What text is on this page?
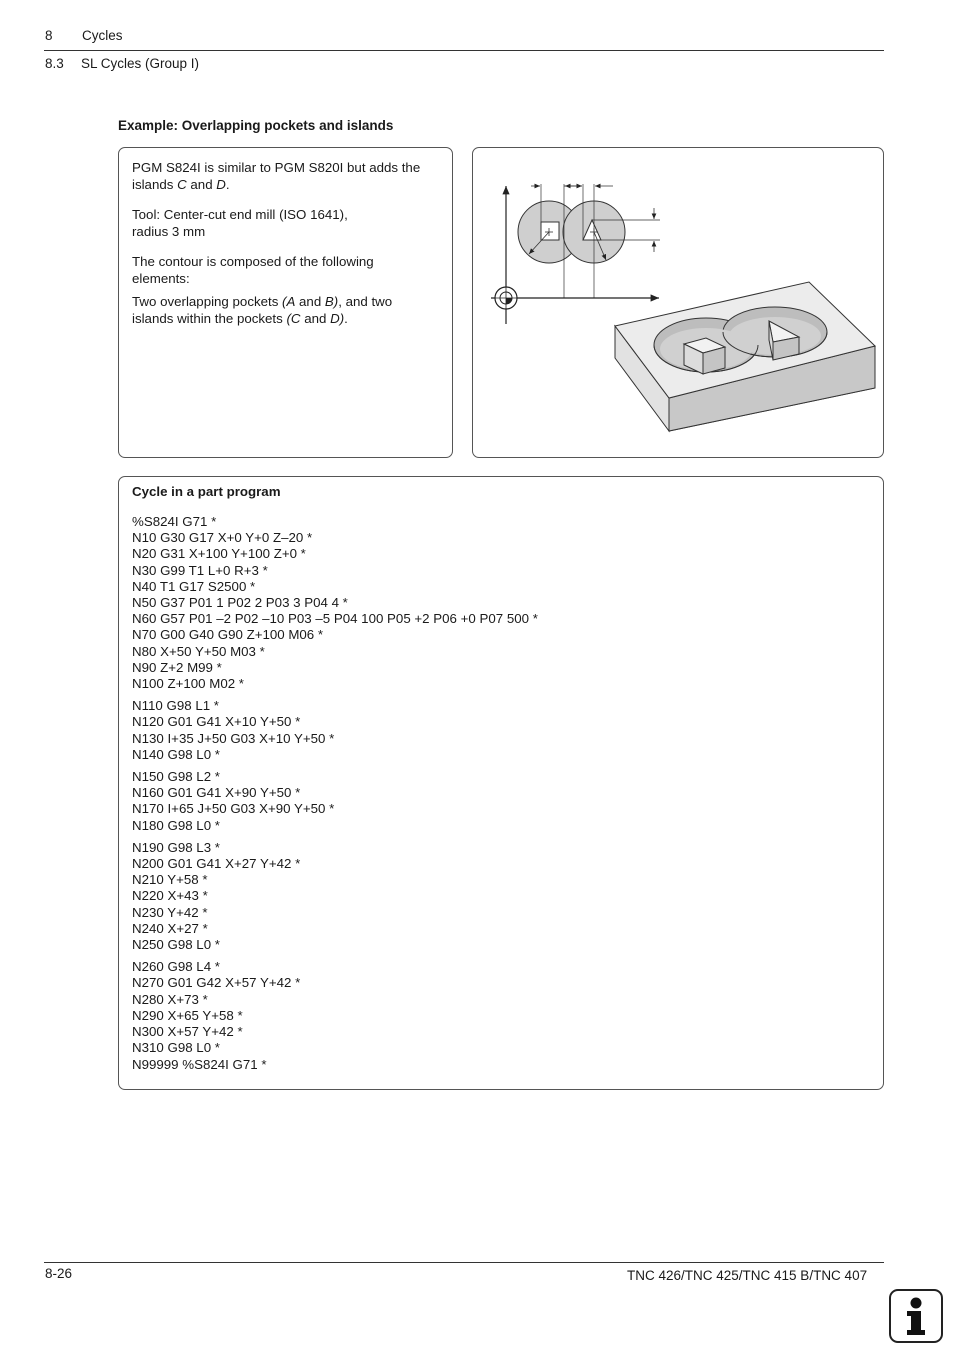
8 Cycles
8.3 SL Cycles (Group I)
Example: Overlapping pockets and islands

PGM S824I is similar to PGM S820I but adds the islands C and D.

Tool: Center-cut end mill (ISO 1641), radius 3 mm

The contour is composed of the following elements:

Two overlapping pockets (A and B), and two islands within the pockets (C and D).

Cycle in a part program
%S824I G71 *
N10 G30 G17 X+0 Y+0 Z–20 *
N20 G31 X+100 Y+100 Z+0 *
N30 G99 T1 L+0 R+3 *
N40 T1 G17 S2500 *
N50 G37 P01 1 P02 2 P03 3 P04 4 *
N60 G57 P01 –2 P02 –10 P03 –5 P04 100 P05 +2 P06 +0 P07 500 *
N70 G00 G40 G90 Z+100 M06 *
N80 X+50 Y+50 M03 *
N90 Z+2 M99 *
N100 Z+100 M02 *
N110 G98 L1 *
N120 G01 G41 X+10 Y+50 *
N130 I+35 J+50 G03 X+10 Y+50 *
N140 G98 L0 *
N150 G98 L2 *
N160 G01 G41 X+90 Y+50 *
N170 I+65 J+50 G03 X+90 Y+50 *
N180 G98 L0 *
N190 G98 L3 *
N200 G01 G41 X+27 Y+42 *
N210 Y+58 *
N220 X+43 *
N230 Y+42 *
N240 X+27 *
N250 G98 L0 *
N260 G98 L4 *
N270 G01 G42 X+57 Y+42 *
N280 X+73 *
N290 X+65 Y+58 *
N300 X+57 Y+42 *
N310 G98 L0 *
N99999 %S824I G71 *
8-26	TNC 426/TNC 425/TNC 415 B/TNC 407
